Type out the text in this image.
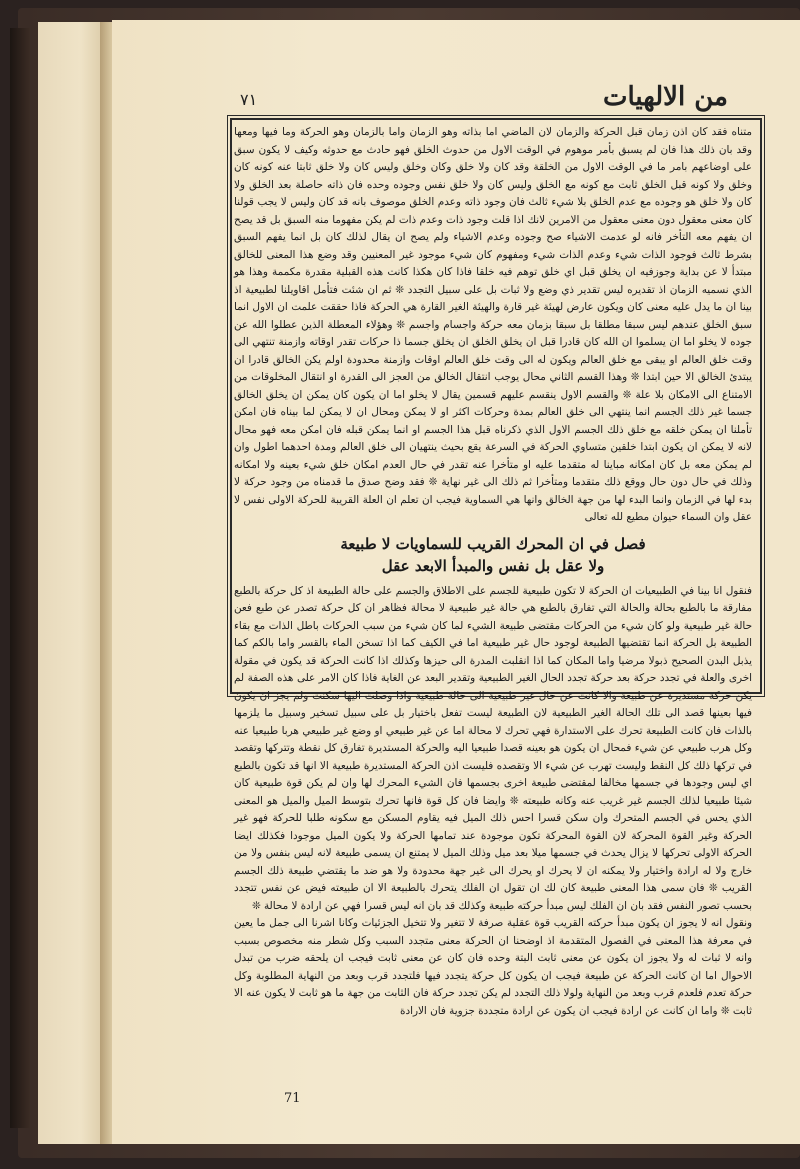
٧١	من الالهيات

متناه فقد كان اذن زمان قبل الحركة والزمان لان الماضي اما بذاته وهو الزمان واما بالزمان وهو الحركة وما فيها ومعها وقد بان ذلك هذا فان لم يسبق بأمر موهوم في الوقت الاول من حدوث الخلق فهو حادث مع حدوثه وكيف لا يكون سبق على اوضاعهم بامر ما في الوقت الاول من الخلقة وقد كان ولا خلق وكان وخلق وليس كان ولا خلق ثابتا عنه كونه كان وخلق ولا كونه قبل الخلق ثابت مع كونه مع الخلق وليس كان ولا خلق نفس وجوده وحده فان ذاته حاصلة بعد الخلق ولا كان ولا خلق هو وجوده مع عدم الخلق بلا شيء ثالث فان وجود ذاته وعدم الخلق موصوف بانه قد كان وليس لا يجب قولنا كان معنى معقول دون معنى معقول من الامرين لانك اذا قلت وجود ذات وعدم ذات لم يكن مفهوما منه السبق بل قد يصح ان يفهم معه التأخر فانه لو عدمت الاشياء صح وجوده وعدم الاشياء ولم يصح ان يقال لذلك كان بل انما يفهم السبق بشرط ثالث فوجود الذات شيء وعدم الذات شيء ومفهوم كان شيء موجود غير المعنيين وقد وضع هذا المعنى للخالق مبتدأ لا عن بداية وجوزفيه ان يخلق قبل اي خلق توهم فيه خلقا فاذا كان هكذا كانت هذه القبلية مقدرة مكممة وهذا هو الذي نسميه الزمان اذ تقديره ليس تقدير ذي وضع ولا ثبات بل على سبيل التجدد ❊ ثم ان شئت فتأمل اقاويلنا لطبيعية اذ بينا ان ما يدل عليه معنى كان ويكون عارض لهيئة غير قارة والهيئة الغير القارة هي الحركة فاذا حققت علمت ان الاول انما سبق الخلق عندهم ليس سبقا مطلقا بل سبقا بزمان معه حركة واجسام واجسم ❊ وهؤلاء المعطلة الذين عطلوا الله عن جوده لا يخلو اما ان يسلموا ان الله كان قادرا قبل ان يخلق الخلق ان يخلق جسما ذا حركات تقدر اوقاته وازمنة تنتهي الى وقت خلق العالم او يبقى مع خلق العالم ويكون له الى وقت خلق العالم اوقات وازمنة محدودة اولم يكن الخالق قادرا ان يبتدئ الخالق الا حين ابتدا ❊ وهذا القسم الثاني محال يوجب انتقال الخالق من العجز الى القدرة او انتقال المخلوقات من الامتناع الى الامكان بلا علة ❊ والقسم الاول ينقسم عليهم قسمين يقال لا يخلو اما ان يكون كان يمكن ان يخلق الخالق جسما غير ذلك الجسم انما ينتهي الى خلق العالم بمدة وحركات اكثر او لا يمكن ومحال ان لا يمكن لما بيناه فان امكن تأملنا ان يمكن خلقه مع خلق ذلك الجسم الاول الذي ذكرناه قبل هذا الجسم او انما يمكن قبله فان امكن معه فهو محال لانه لا يمكن ان يكون ابتدا خلقين متساوي الحركة في السرعة يقع بحيث ينتهيان الى خلق العالم ومدة احدهما اطول وان لم يمكن معه بل كان امكانه مباينا له متقدما عليه او متأخرا عنه تقدر في حال العدم امكان خلق شيء بعينه ولا امكانه وذلك في حال دون حال ووقع ذلك متقدما ومتأخرا ثم ذلك الى غير نهاية ❊ فقد وضح صدق ما قدمناه من وجود حركة لا بدء لها في الزمان وانما البدء لها من جهة الخالق وانها هي السماوية فيجب ان تعلم ان العلة القريبة للحركة الاولى نفس لا عقل وان السماء حيوان مطيع لله تعالى

فصل في ان المحرك القريب للسماويات لا طبيعة

ولا عقل بل نفس والمبدأ الابعد عقل

فنقول انا بينا في الطبيعيات ان الحركة لا تكون طبيعية للجسم على الاطلاق والجسم على حالة الطبيعة اذ كل حركة بالطبع مفارقة ما بالطبع بحالة والحالة التي تفارق بالطبع هي حالة غير طبيعية لا محالة فظاهر ان كل حركة تصدر عن طبع فعن حالة غير طبيعية ولو كان شيء من الحركات مقتضى طبيعة الشيء لما كان شيء من سبب الحركات باطل الذات مع بقاء الطبيعة بل الحركة انما تقتضيها الطبيعة لوجود حال غير طبيعية اما في الكيف كما اذا تسخن الماء بالقسر واما بالكم كما يذبل البدن الصحيح ذبولا مرضيا واما المكان كما اذا انقلبت المدرة الى حيزها وكذلك اذا كانت الحركة قد يكون في مقولة اخرى والعلة في تجدد حركة بعد حركة تجدد الحال الغير الطبيعية وتقدير البعد عن الغاية فاذا كان الامر على هذه الصفة لم يكن حركة مستديرة عن طبيعة والا كانت عن حال غير طبيعية الى حالة طبيعية واذا وصلت اليها سكنت ولم يجز ان يكون فيها بعينها قصد الى تلك الحالة الغير الطبيعية لان الطبيعة ليست تفعل باختيار بل على سبيل تسخير وسبيل ما يلزمها بالذات فان كانت الطبيعة تحرك على الاستدارة فهي تحرك لا محالة اما عن غير طبيعي او وضع غير طبيعي هربا طبيعيا عنه وكل هرب طبيعي عن شيء فمحال ان يكون هو بعينه قصدا طبيعيا اليه والحركة المستديرة تفارق كل نقطة وتتركها وتقصد في تركها ذلك كل النقط وليست تهرب عن شيء الا وتقصده فليست اذن الحركة المستديرة طبيعية الا انها قد تكون بالطبع اي ليس وجودها في جسمها مخالفا لمقتضى طبيعة اخرى بجسمها فان الشيء المحرك لها وان لم يكن قوة طبيعية كان شيئا طبيعيا لذلك الجسم غير غريب عنه وكانه طبيعته ❊ وايضا فان كل قوة فانها تحرك بتوسط الميل والميل هو المعنى الذي يحس في الجسم المتحرك وان سكن قسرا احس ذلك الميل فيه يقاوم المسكن مع سكونه طلبا للحركة فهو غير الحركة وغير القوة المحركة لان القوة المحركة تكون موجودة عند تمامها الحركة ولا يكون الميل موجودا فكذلك ايضا الحركة الاولى تحركها لا يزال يحدث في جسمها ميلا بعد ميل وذلك الميل لا يمتنع ان يسمى طبيعة لانه ليس بنفس ولا من خارج ولا له ارادة واختيار ولا يمكنه ان لا يحرك او يحرك الى غير جهة محدودة ولا هو ضد ما يقتضي طبيعة ذلك الجسم القريب ❊ فان سمى هذا المعنى طبيعة كان لك ان تقول ان الفلك يتحرك بالطبيعة الا ان طبيعته فيض عن نفس تتجدد بحسب تصور النفس فقد بان ان الفلك ليس مبدأ حركته طبيعة وكذلك قد بان انه ليس قسرا فهي عن ارادة لا محالة ❊

ونقول انه لا يجوز ان يكون مبدأ حركته القريب قوة عقلية صرفة لا تتغير ولا تتخيل الجزئيات وكانا اشرنا الى جمل ما يعين في معرفة هذا المعنى في الفصول المتقدمة اذ اوضحنا ان الحركة معنى متجدد السبب وكل شطر منه مخصوص بسبب وانه لا ثبات له ولا يجوز ان يكون عن معنى ثابت البتة وحده فان كان عن معنى ثابت فيجب ان يلحقه ضرب من تبدل الاحوال اما ان كانت الحركة عن طبيعة فيجب ان يكون كل حركة يتجدد فيها فلتجدد قرب وبعد من النهاية المطلوبة وكل حركة تعدم فلعدم قرب وبعد من النهاية ولولا ذلك التجدد لم يكن تجدد حركة فان الثابت من جهة ما هو ثابت لا يكون عنه الا ثابت ❊ واما ان كانت عن ارادة فيجب ان يكون عن ارادة متجددة جزوية فان الارادة

71
